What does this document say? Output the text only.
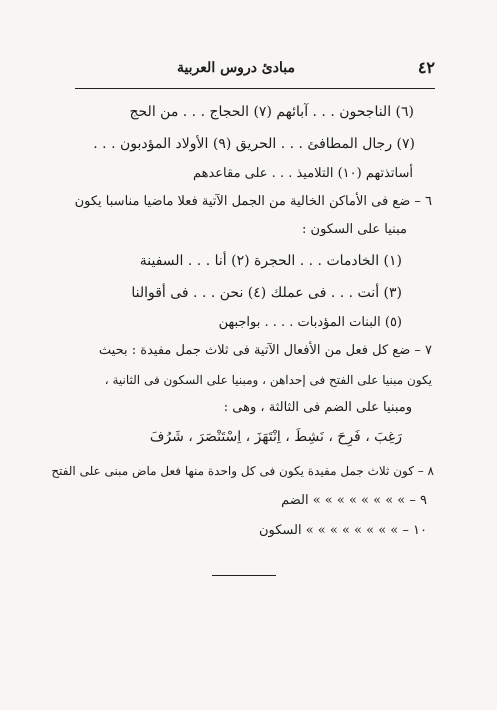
٤٢
مبادئ دروس العربية
(٦) الناجحون . . . آبائهم (٧) الحجاج . . . من الحج
(٧) رجال المطافئ . . . الحريق (٩) الأولاد المؤدبون . . .
أساتذتهم (١٠) التلاميذ . . . على مقاعدهم
٦ – ضع فى الأماكن الخالية من الجمل الآتية فعلا ماضيا مناسبا يكون
مبنيا على السكون :
(١) الخادمات . . . الحجرة (٢) أنا . . . السفينة
(٣) أنت . . . فى عملك (٤) نحن . . . فى أقوالنا
(٥) البنات المؤدبات . . . . بواجبهن
٧ – ضع كل فعل من الأفعال الآتية فى ثلاث جمل مفيدة : بحيث
يكون مبنيا على الفتح فى إحداهن ، ومبنيا على السكون فى الثانية ،
ومبنيا على الضم فى الثالثة ، وهى :
رَغِبَ ، فَرِحَ ، نَشِطَ ، اِنْتَهَزَ ، اِسْتَنْصَرَ ، شَرُفَ
٨ – كون ثلاث جمل مفيدة يكون فى كل واحدة منها فعل ماض مبنى على الفتح
٩ – » » » » » » » » الضم
١٠ – » » » » » » » » السكون
